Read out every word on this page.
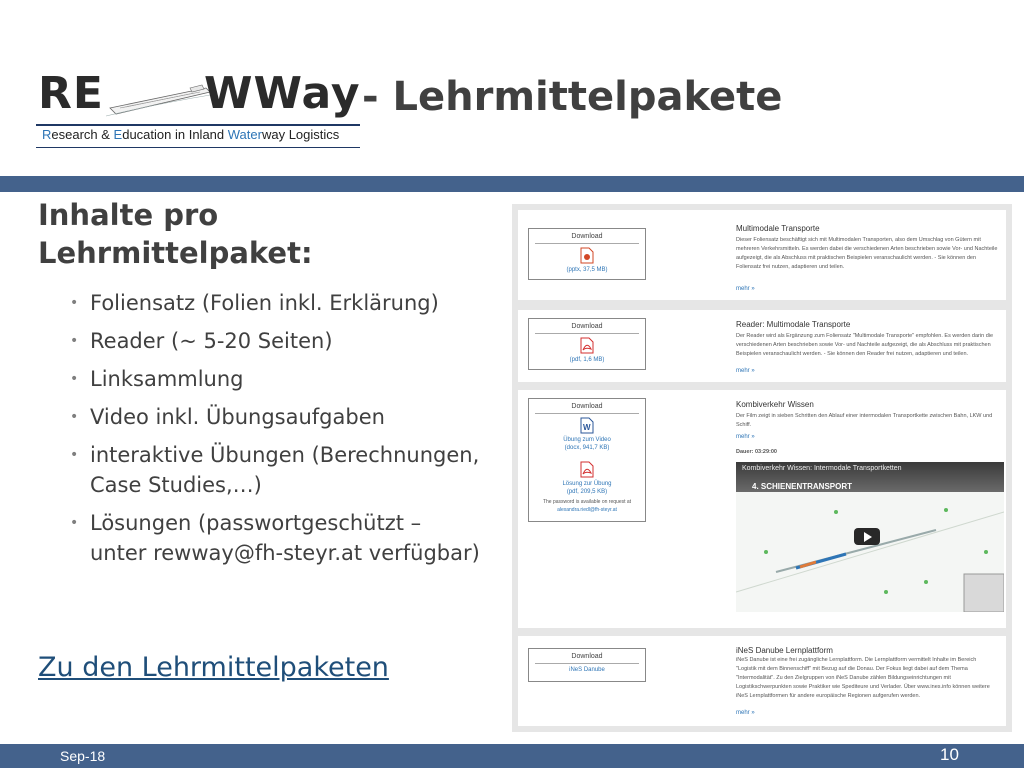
RE WWay
Research & Education in Inland Waterway Logistics
- Lehrmittelpakete
Inhalte pro Lehrmittelpaket:
• Foliensatz (Folien inkl. Erklärung)
• Reader (~ 5-20 Seiten)
• Linksammlung
• Video inkl. Übungsaufgaben
• interaktive Übungen (Berechnungen, Case Studies,…)
• Lösungen (passwortgeschützt – unter rewway@fh-steyr.at verfügbar)
Zu den Lehrmittelpaketen
Download
(pptx, 37,5 MB)
Multimodale Transporte
Dieser Foliensatz beschäftigt sich mit Multimodalen Transporten, also dem Umschlag von Gütern mit mehreren Verkehrsmitteln. Es werden dabei die verschiedenen Arten beschrieben sowie Vor- und Nachteile aufgezeigt, die als Abschluss mit praktischen Beispielen veranschaulicht werden. - Sie können den Foliensatz frei nutzen, adaptieren und teilen.
mehr »
Download
(pdf, 1,6 MB)
Reader: Multimodale Transporte
Der Reader wird als Ergänzung zum Foliensatz "Multimodale Transporte" empfohlen. Es werden darin die verschiedenen Arten beschrieben sowie Vor- und Nachteile aufgezeigt, die als Abschluss mit praktischen Beispielen veranschaulicht werden. - Sie können den Reader frei nutzen, adaptieren und teilen.
mehr »
Download
W
Übung zum Video
(docx, 941,7 KB)
Lösung zur Übung
(pdf, 209,5 KB)
The password is available on request at
alexandra.riedl@fh-steyr.at
Kombiverkehr Wissen
Der Film zeigt in sieben Schritten den Ablauf einer intermodalen Transportkette zwischen Bahn, LKW und Schiff.
mehr »
Dauer: 03:29:00
Kombiverkehr Wissen: Intermodale Transportketten
4. SCHIENENTRANSPORT
Download
iNeS Danube
iNeS Danube Lernplattform
iNeS Danube ist eine frei zugängliche Lernplattform. Die Lernplattform vermittelt Inhalte im Bereich "Logistik mit dem Binnenschiff" mit Bezug auf die Donau. Der Fokus liegt dabei auf dem Thema "Intermodalität". Zu den Zielgruppen von iNeS Danube zählen Bildungseinrichtungen mit Logistikschwerpunkten sowie Praktiker wie Spediteure und Verlader. Über www.ines.info können weitere iNeS Lernplattformen für andere europäische Regionen aufgerufen werden.
mehr »
Sep-18	10
